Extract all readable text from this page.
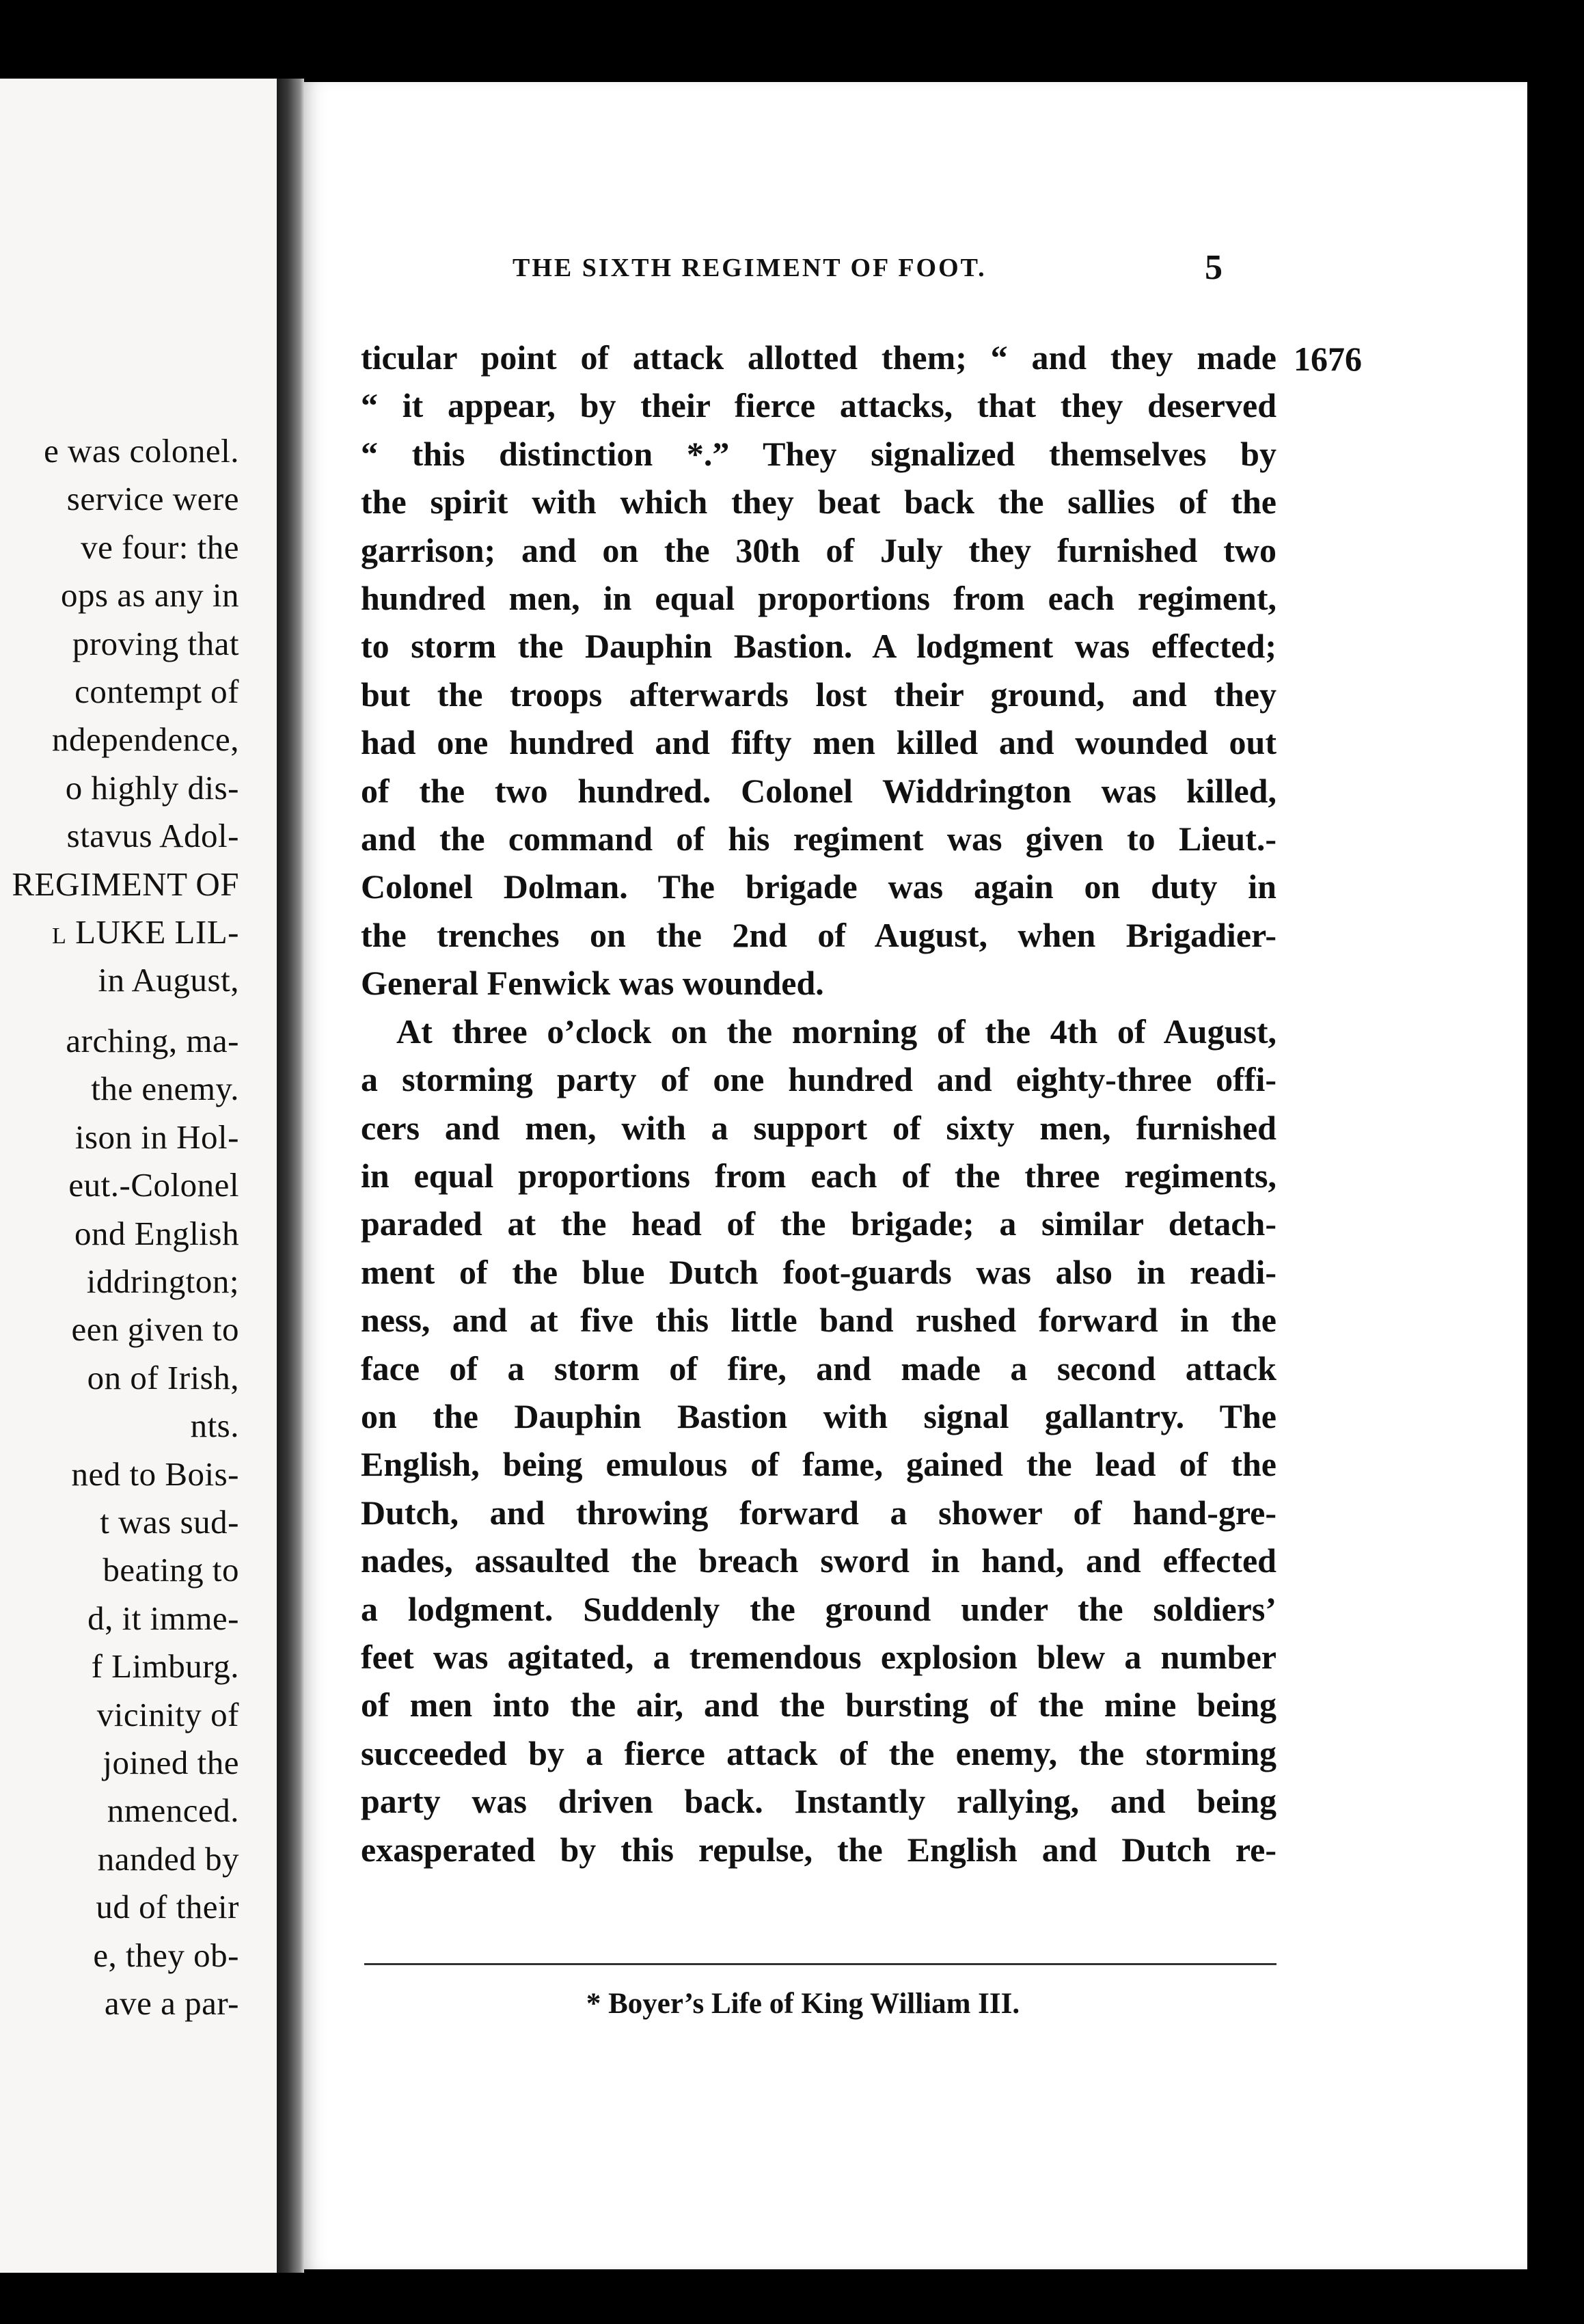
e was colonel.
service were
ve four: the
ops as any in
proving that
contempt of
ndependence,
o highly dis-
stavus Adol-
REGIMENT OF
l LUKE LIL-
in August,
arching, ma-
the enemy.
ison in Hol-
eut.-Colonel
ond English
iddrington;
een given to
on of Irish,
nts.
ned to Bois-
t was sud-
beating to
d, it imme-
f Limburg.
vicinity of
joined the
nmenced.
nanded by
ud of their
e, they ob-
ave a par-
THE SIXTH REGIMENT OF FOOT.	5
ticular point of attack allotted them; “ and they made 1676
“ it appear, by their fierce attacks, that they deserved
“ this distinction *.” They signalized themselves by
the spirit with which they beat back the sallies of the
garrison; and on the 30th of July they furnished two
hundred men, in equal proportions from each regiment,
to storm the Dauphin Bastion. A lodgment was effected;
but the troops afterwards lost their ground, and they
had one hundred and fifty men killed and wounded out
of the two hundred. Colonel Widdrington was killed,
and the command of his regiment was given to Lieut.-
Colonel Dolman. The brigade was again on duty in
the trenches on the 2nd of August, when Brigadier-
General Fenwick was wounded.
At three o’clock on the morning of the 4th of August,
a storming party of one hundred and eighty-three offi-
cers and men, with a support of sixty men, furnished
in equal proportions from each of the three regiments,
paraded at the head of the brigade; a similar detach-
ment of the blue Dutch foot-guards was also in readi-
ness, and at five this little band rushed forward in the
face of a storm of fire, and made a second attack
on the Dauphin Bastion with signal gallantry. The
English, being emulous of fame, gained the lead of the
Dutch, and throwing forward a shower of hand-gre-
nades, assaulted the breach sword in hand, and effected
a lodgment. Suddenly the ground under the soldiers’
feet was agitated, a tremendous explosion blew a number
of men into the air, and the bursting of the mine being
succeeded by a fierce attack of the enemy, the storming
party was driven back. Instantly rallying, and being
exasperated by this repulse, the English and Dutch re-
* Boyer’s Life of King William III.
